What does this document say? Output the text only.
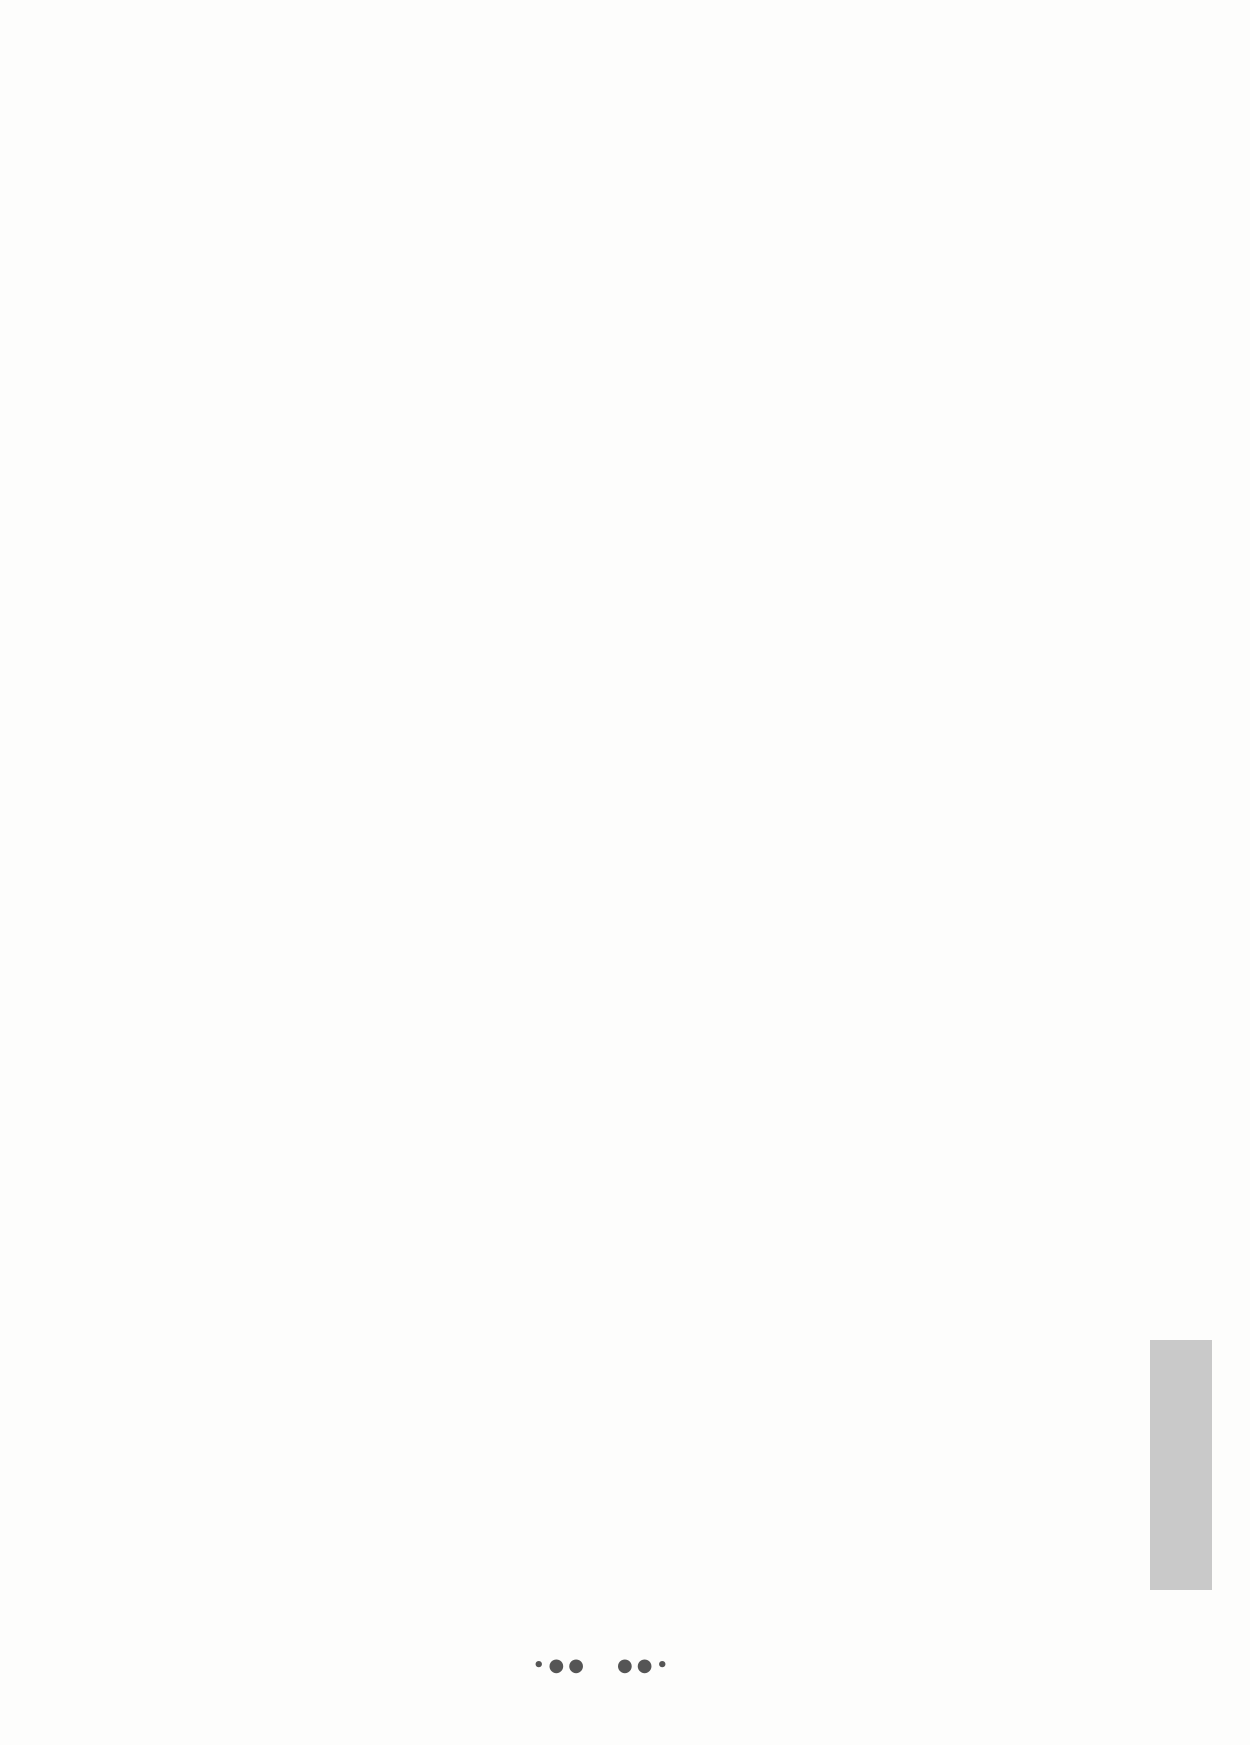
•●● ●●•
